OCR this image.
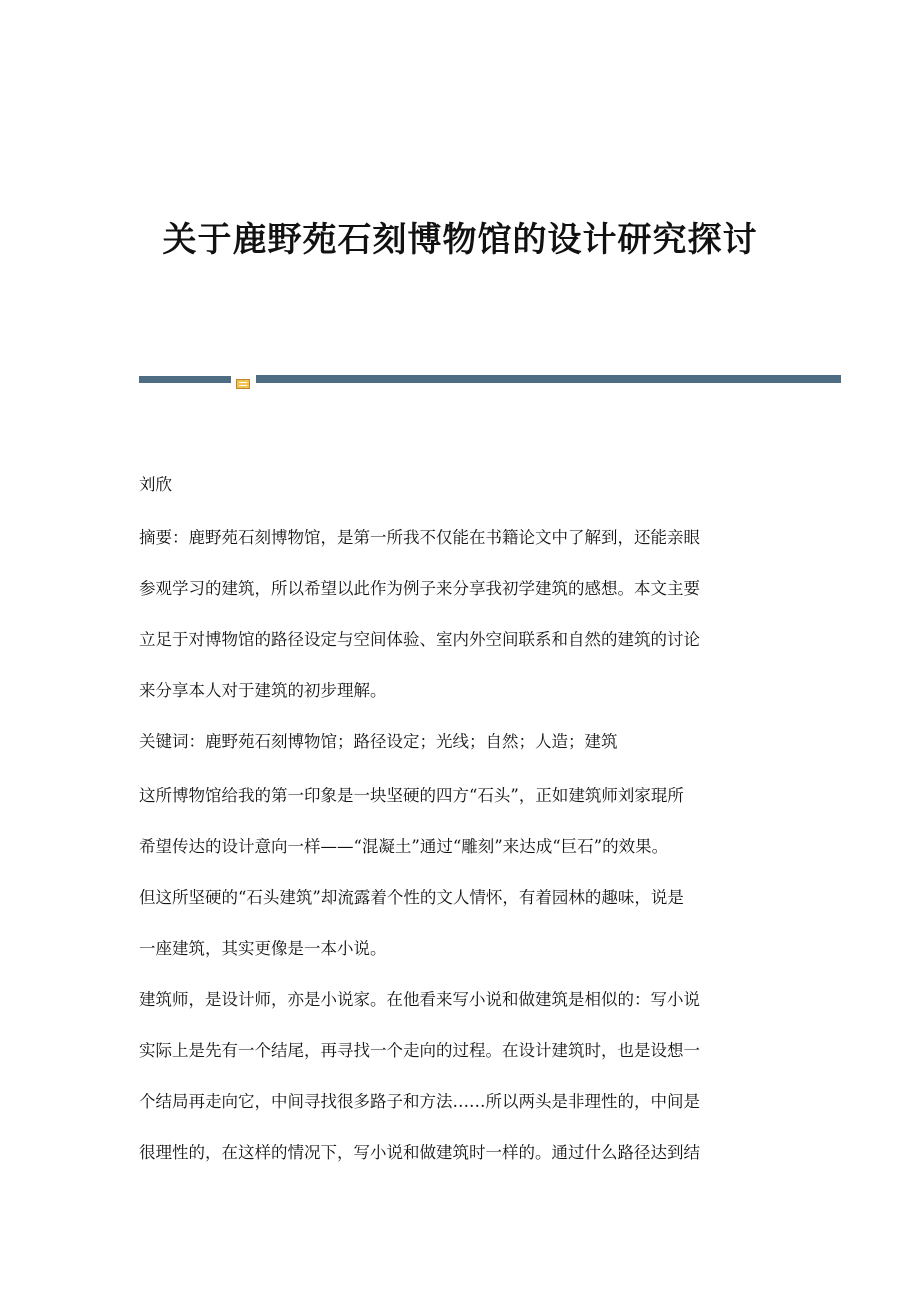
关于鹿野苑石刻博物馆的设计研究探讨
刘欣
摘要：鹿野苑石刻博物馆，是第一所我不仅能在书籍论文中了解到，还能亲眼
参观学习的建筑，所以希望以此作为例子来分享我初学建筑的感想。本文主要
立足于对博物馆的路径设定与空间体验、室内外空间联系和自然的建筑的讨论
来分享本人对于建筑的初步理解。
关键词：鹿野苑石刻博物馆；路径设定；光线；自然；人造；建筑
这所博物馆给我的第一印象是一块坚硬的四方“石头”，正如建筑师刘家琨所
希望传达的设计意向一样——“混凝土”通过“雕刻”来达成“巨石”的效果。
但这所坚硬的“石头建筑”却流露着个性的文人情怀，有着园林的趣味，说是
一座建筑，其实更像是一本小说。
建筑师，是设计师，亦是小说家。在他看来写小说和做建筑是相似的：写小说
实际上是先有一个结尾，再寻找一个走向的过程。在设计建筑时，也是设想一
个结局再走向它，中间寻找很多路子和方法……所以两头是非理性的，中间是
很理性的，在这样的情况下，写小说和做建筑时一样的。通过什么路径达到结
